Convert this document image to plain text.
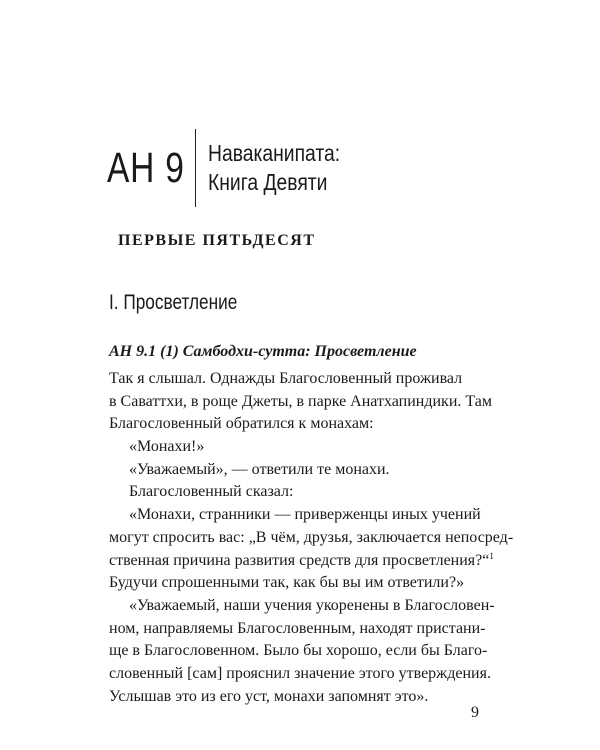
АН 9 Наваканипата:
Книга Девяти
ПЕРВЫЕ ПЯТЬДЕСЯТ
I. Просветление
АН 9.1 (1) Самбодхи-сутта: Просветление
Так я слышал. Однажды Благословенный проживал
в Саваттхи, в роще Джеты, в парке Анатхапиндики. Там
Благословенный обратился к монахам:
«Монахи!»
«Уважаемый», — ответили те монахи.
Благословенный сказал:
«Монахи, странники — приверженцы иных учений
могут спросить вас: „В чём, друзья, заключается непосред-
ственная причина развития средств для просветления?“$^1$
Будучи спрошенными так, как бы вы им ответили?»
«Уважаемый, наши учения укоренены в Благословен-
ном, направляемы Благословенным, находят пристани-
ще в Благословенном. Было бы хорошо, если бы Благо-
словенный [сам] прояснил значение этого утверждения.
Услышав это из его уст, монахи запомнят это».
9
